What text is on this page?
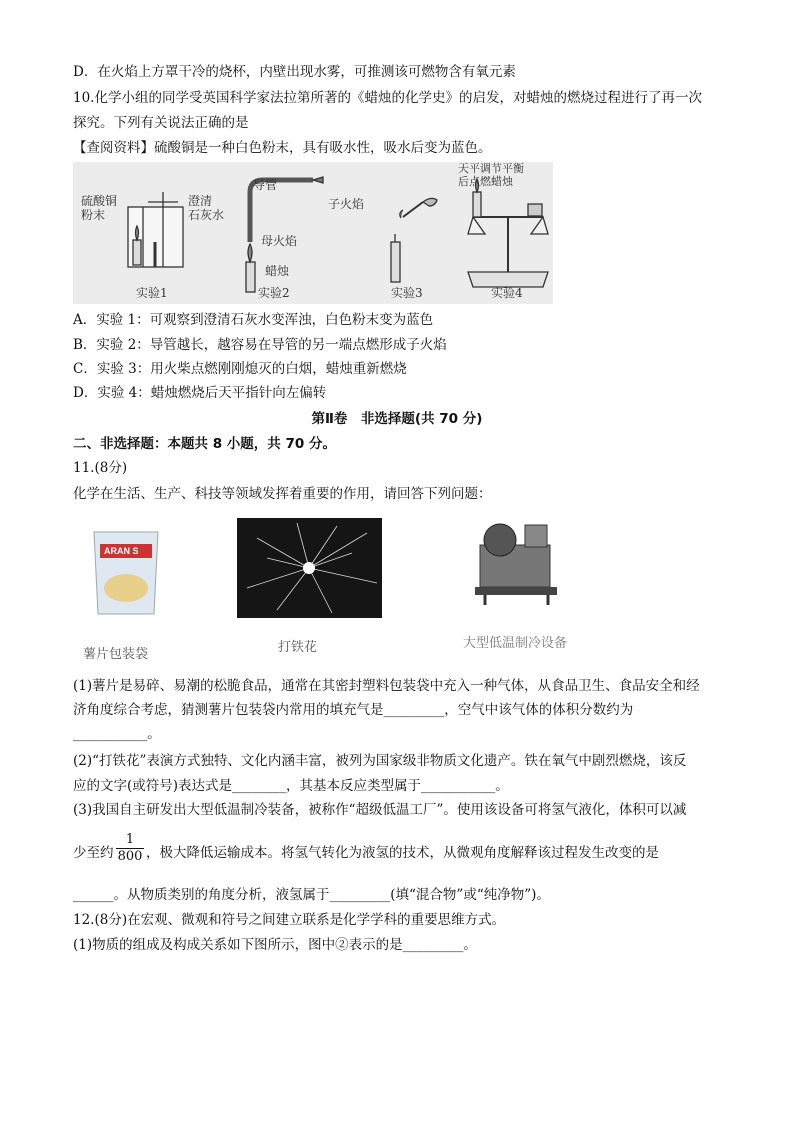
D．在火焰上方罩干冷的烧杯，内壁出现水雾，可推测该可燃物含有氧元素
10.化学小组的同学受英国科学家法拉第所著的《蜡烛的化学史》的启发，对蜡烛的燃烧过程进行了再一次
探究。下列有关说法正确的是
【查阅资料】硫酸铜是一种白色粉末，具有吸水性，吸水后变为蓝色。
硫酸铜
粉末
澄清
石灰水
实验1
导管
子火焰
母火焰
蜡烛
实验2	实验3
天平调节平衡
后点燃蜡烛
实验4
A．实验 1：可观察到澄清石灰水变浑浊，白色粉末变为蓝色
B．实验 2：导管越长，越容易在导管的另一端点燃形成子火焰
C．实验 3：用火柴点燃刚刚熄灭的白烟，蜡烛重新燃烧
D．实验 4：蜡烛燃烧后天平指针向左偏转
第Ⅱ卷　非选择题(共 70 分)
二、非选择题：本题共 8 小题，共 70 分。
11.(8分)
化学在生活、生产、科技等领域发挥着重要的作用，请回答下列问题：
ARAN S
薯片包装袋	打铁花	大型低温制冷设备
(1)薯片是易碎、易潮的松脆食品，通常在其密封塑料包装袋中充入一种气体，从食品卫生、食品安全和经
济角度综合考虑，猜测薯片包装袋内常用的填充气是_________，空气中该气体的体积分数约为
___________。
(2)“打铁花”表演方式独特、文化内涵丰富，被列为国家级非物质文化遗产。铁在氧气中剧烈燃烧，该反
应的文字(或符号)表达式是________，其基本反应类型属于___________。
(3)我国自主研发出大型低温制冷装备，被称作“超级低温工厂”。使用该设备可将氢气液化，体积可以减
少至约 $\frac{1}{800}$ ，极大降低运输成本。将氢气转化为液氢的技术，从微观角度解释该过程发生改变的是
______。从物质类别的角度分析，液氢属于_________(填“混合物”或“纯净物”)。
12.(8分)在宏观、微观和符号之间建立联系是化学学科的重要思维方式。
(1)物质的组成及构成关系如下图所示，图中②表示的是_________。
